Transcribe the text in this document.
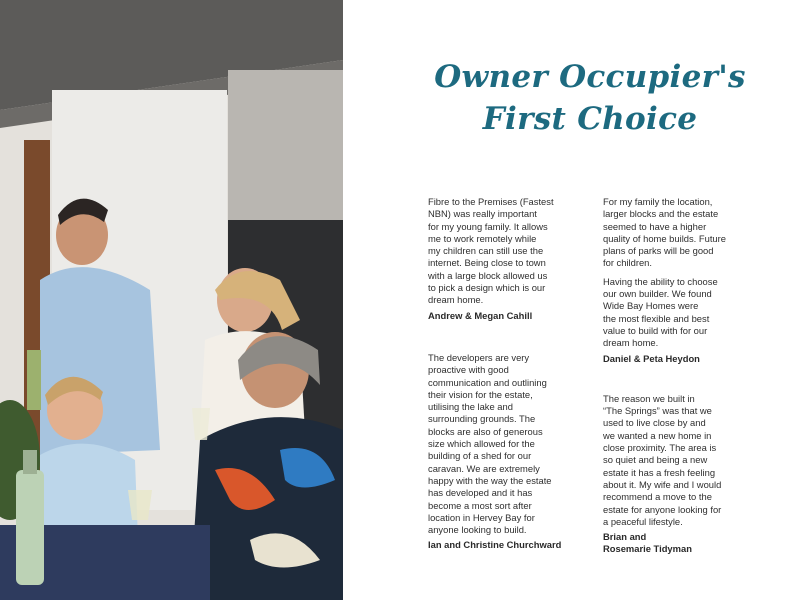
Owner Occupier's
First Choice

Fibre to the Premises (Fastest
NBN) was really important
for my young family. It allows
me to work remotely while
my children can still use the
internet. Being close to town
with a large block allowed us
to pick a design which is our
dream home.

Andrew & Megan Cahill

The developers are very
proactive with good
communication and outlining
their vision for the estate,
utilising the lake and
surrounding grounds. The
blocks are also of generous
size which allowed for the
building of a shed for our
caravan. We are extremely
happy with the way the estate
has developed and it has
become a most sort after
location in Hervey Bay for
anyone looking to build.

Ian and Christine Churchward

For my family the location,
larger blocks and the estate
seemed to have a higher
quality of home builds. Future
plans of parks will be good
for children.

Having the ability to choose
our own builder. We found
Wide Bay Homes were
the most flexible and best
value to build with for our
dream home.

Daniel & Peta Heydon

The reason we built in
“The Springs” was that we
used to live close by and
we wanted a new home in
close proximity. The area is
so quiet and being a new
estate it has a fresh feeling
about it. My wife and I would
recommend a move to the
estate for anyone looking for
a peaceful lifestyle.

Brian and
Rosemarie Tidyman
